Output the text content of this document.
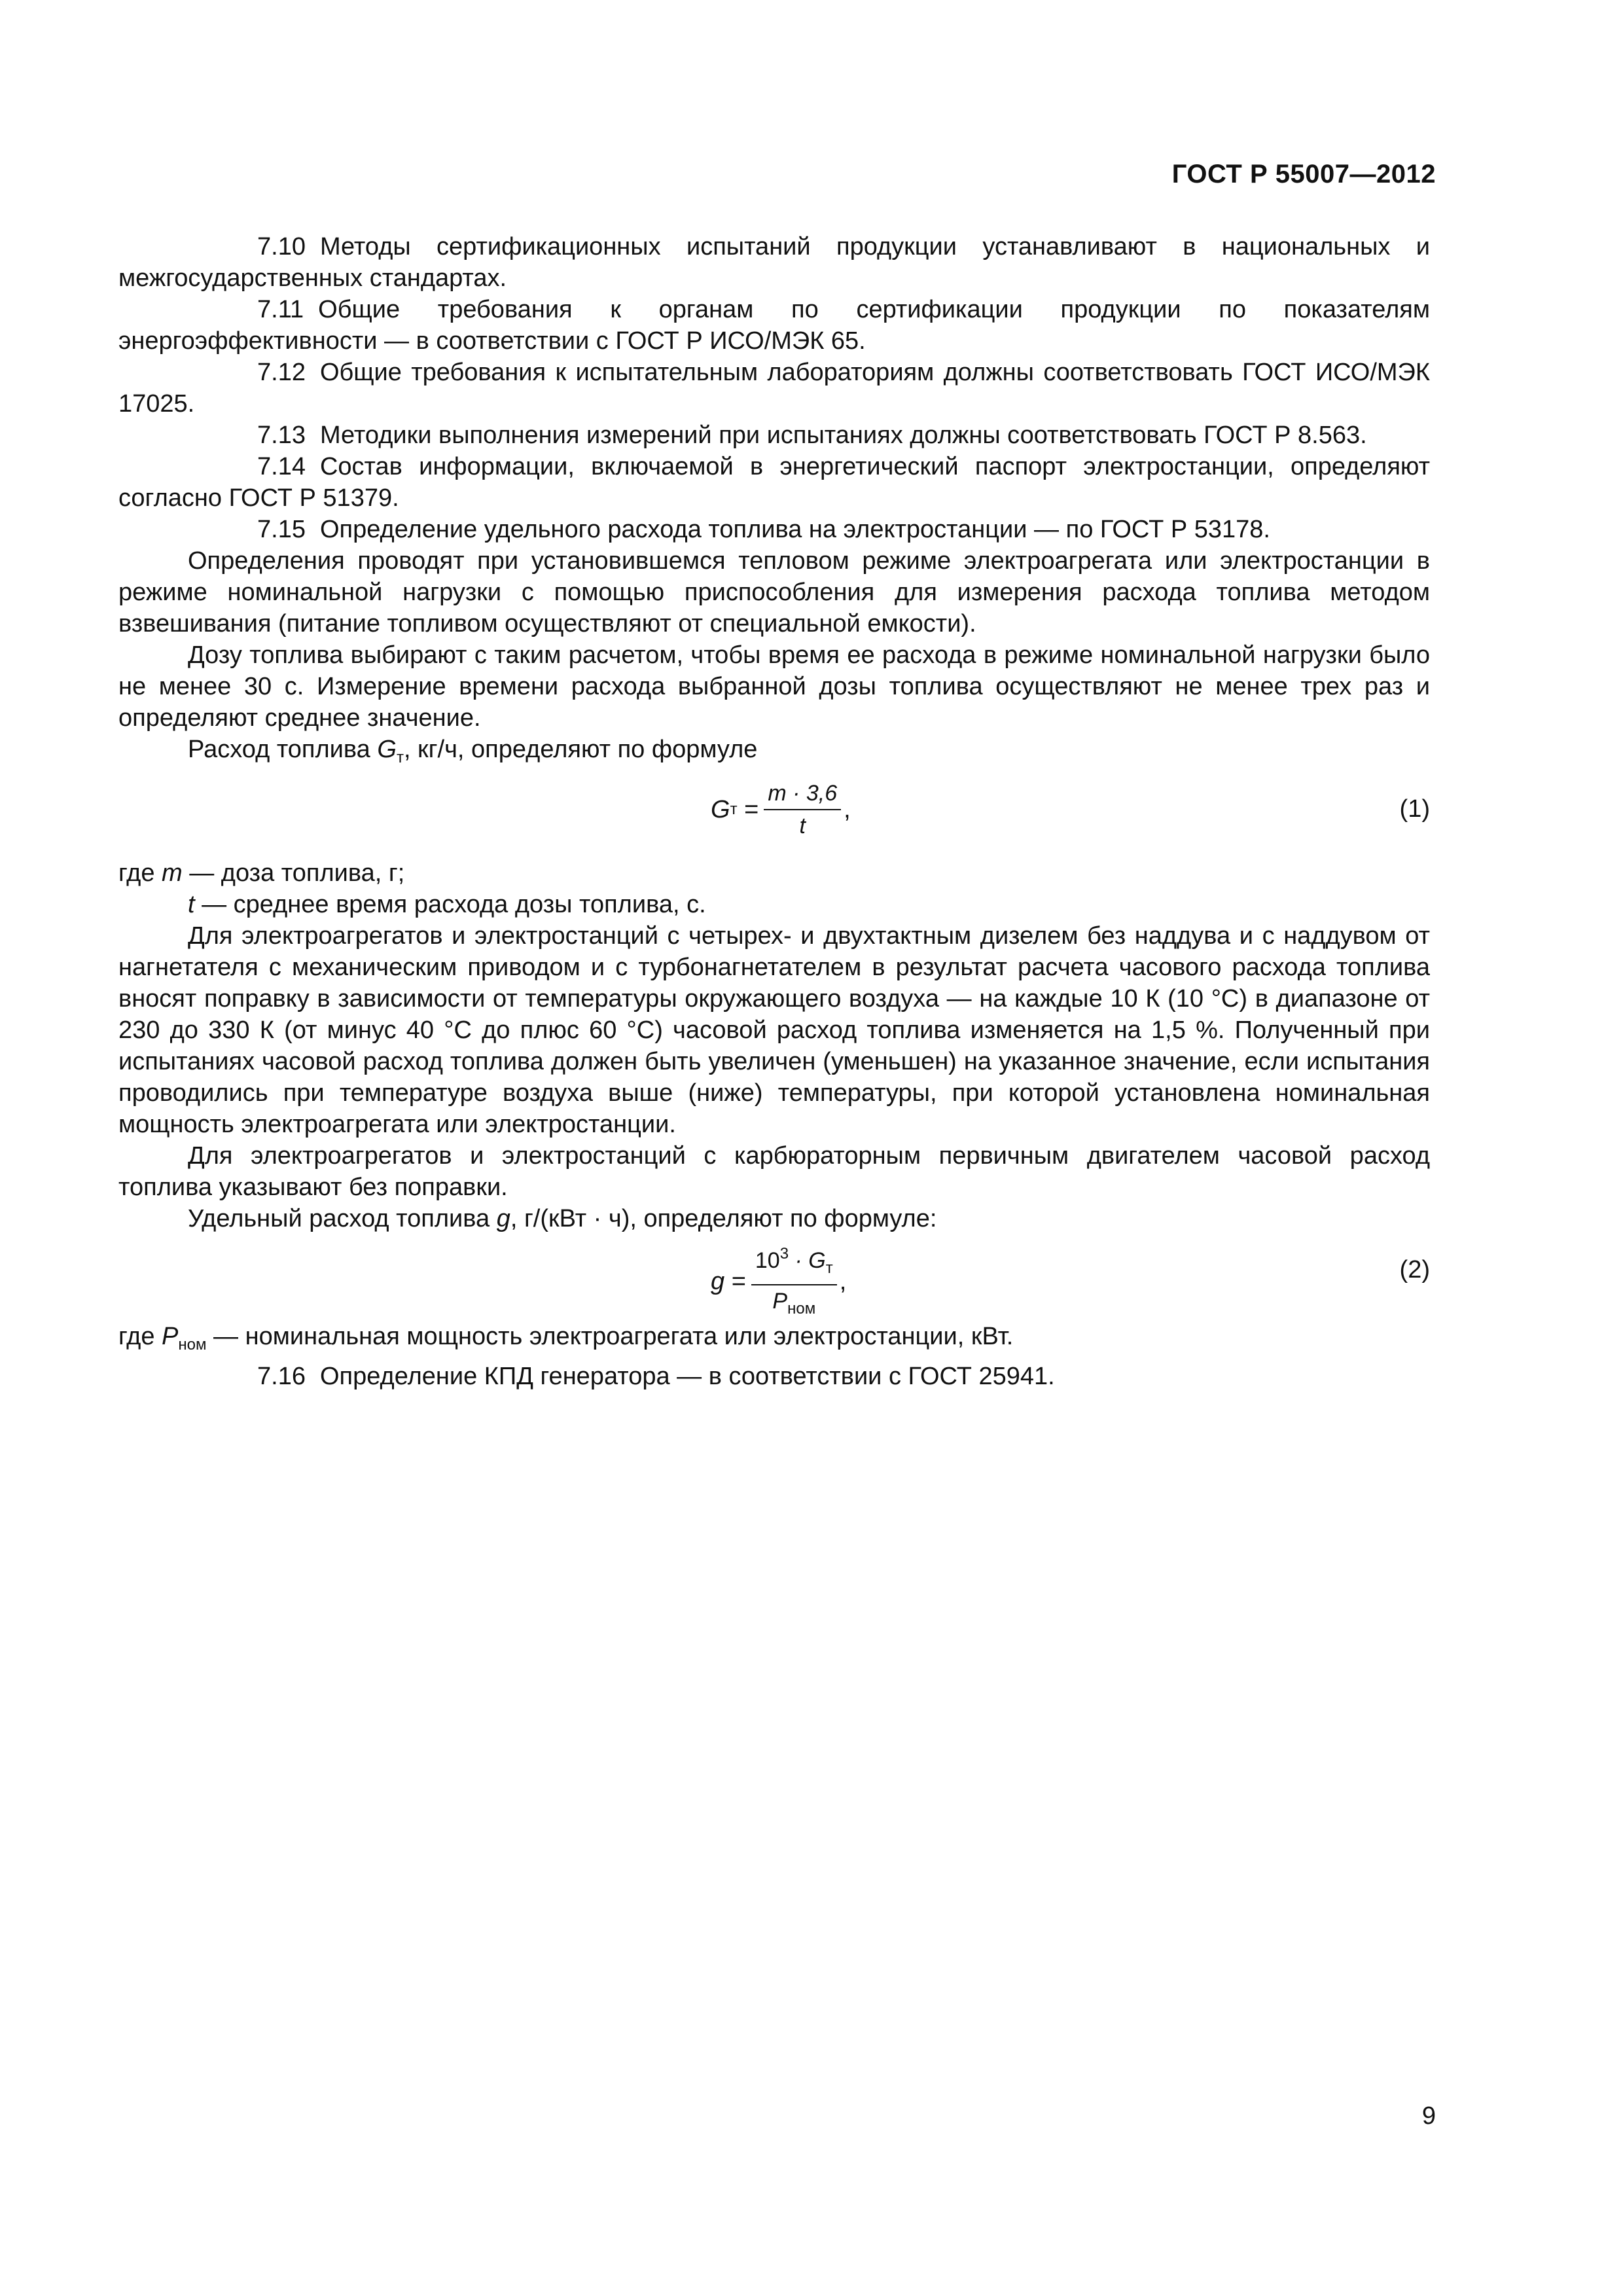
ГОСТ Р 55007—2012

7.10 Методы сертификационных испытаний продукции устанавливают в национальных и межгосударственных стандартах.

7.11 Общие требования к органам по сертификации продукции по показателям энергоэффективности — в соответствии с ГОСТ Р ИСО/МЭК 65.

7.12 Общие требования к испытательным лабораториям должны соответствовать ГОСТ ИСО/МЭК 17025.

7.13 Методики выполнения измерений при испытаниях должны соответствовать ГОСТ Р 8.563.

7.14 Состав информации, включаемой в энергетический паспорт электростанции, определяют согласно ГОСТ Р 51379.

7.15 Определение удельного расхода топлива на электростанции — по ГОСТ Р 53178.

Определения проводят при установившемся тепловом режиме электроагрегата или электростанции в режиме номинальной нагрузки с помощью приспособления для измерения расхода топлива методом взвешивания (питание топливом осуществляют от специальной емкости).

Дозу топлива выбирают с таким расчетом, чтобы время ее расхода в режиме номинальной нагрузки было не менее 30 с. Измерение времени расхода выбранной дозы топлива осуществляют не менее трех раз и определяют среднее значение.

Расход топлива $G_т$, кг/ч, определяют по формуле

G $т = \frac{m \cdot 3,6}{t}$ ,	(1)

где m — доза топлива, г;

t — среднее время расхода дозы топлива, с.

Для электроагрегатов и электростанций с четырех- и двухтактным дизелем без наддува и с наддувом от нагнетателя с механическим приводом и с турбонагнетателем в результат расчета часового расхода топлива вносят поправку в зависимости от температуры окружающего воздуха — на каждые 10 К (10 °С) в диапазоне от 230 до 330 К (от минус 40 °С до плюс 60 °С) часовой расход топлива изменяется на 1,5 %. Полученный при испытаниях часовой расход топлива должен быть увеличен (уменьшен) на указанное значение, если испытания проводились при температуре воздуха выше (ниже) температуры, при которой установлена номинальная мощность электроагрегата или электростанции.

Для электроагрегатов и электростанций с карбюраторным первичным двигателем часовой расход топлива указывают без поправки.

Удельный расход топлива g, г/(кВт · ч), определяют по формуле:

$g = \frac{10^3 \cdot G_т}{P_{ном}}$ ,	(2)

где $P_{ном}$ — номинальная мощность электроагрегата или электростанции, кВт.

7.16 Определение КПД генератора — в соответствии с ГОСТ 25941.

9
